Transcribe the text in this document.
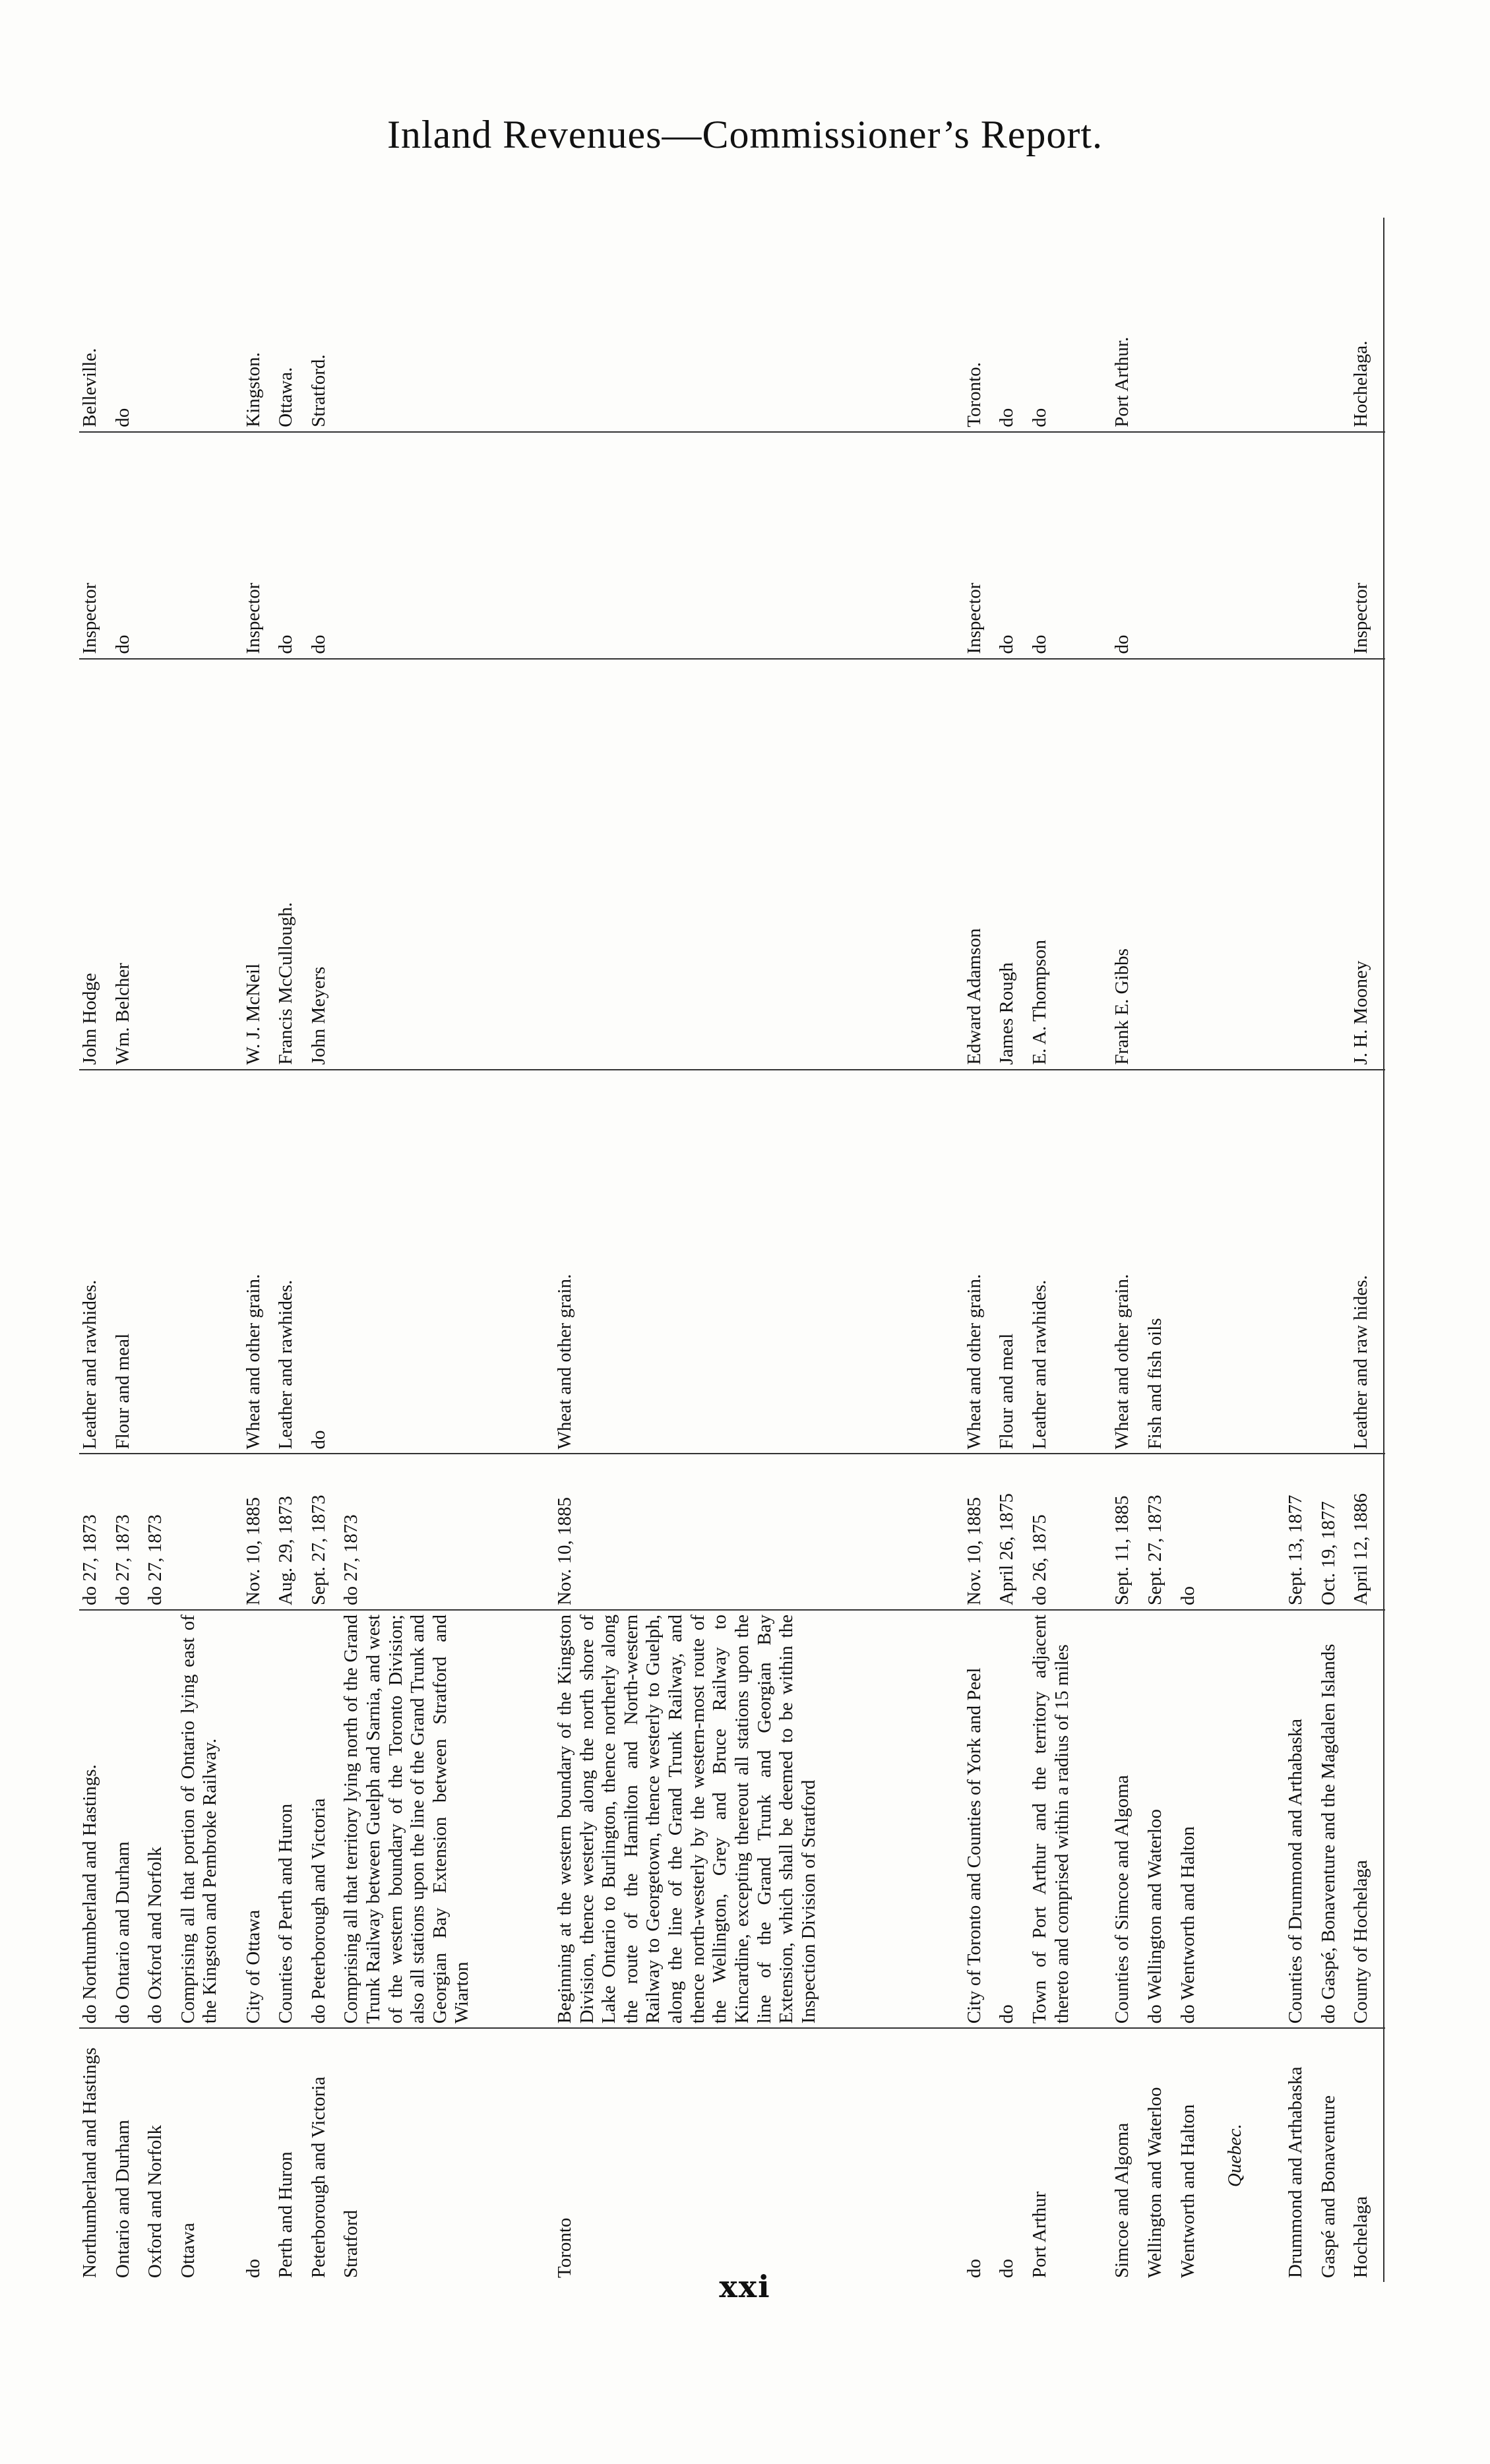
Inland Revenues—Commissioner’s Report.
Northumberland and Hastings	do Northumberland and Hastings.	do 27, 1873	Leather and rawhides.	John Hodge	Inspector	Belleville.
Ontario and Durham	do Ontario and Durham	do 27, 1873	Flour and meal	Wm. Belcher	do	do
Oxford and Norfolk	do Oxford and Norfolk	do 27, 1873				
Ottawa	Comprising all that portion of Ontario lying east of the Kingston and Pembroke Railway.					
do	City of Ottawa	Nov. 10, 1885	Wheat and other grain.	W. J. McNeil	Inspector	Kingston.
Perth and Huron	Counties of Perth and Huron	Aug. 29, 1873	Leather and rawhides.	Francis McCullough.	do	Ottawa.
Peterborough and Victoria	do Peterborough and Victoria	Sept. 27, 1873	do	John Meyers	do	Stratford.
Stratford	Comprising all that territory lying north of the Grand Trunk Railway between Guelph and Sarnia, and west of the western boundary of the Toronto Division; also all stations upon the line of the Grand Trunk and Georgian Bay Extension between Stratford and Wiarton	do 27, 1873				
Toronto	Beginning at the western boundary of the Kingston Division, thence westerly along the north shore of Lake Ontario to Burlington, thence northerly along the route of the Hamilton and North-western Railway to Georgetown, thence westerly to Guelph, along the line of the Grand Trunk Railway, and thence north-westerly by the western-most route of the Wellington, Grey and Bruce Railway to Kincardine, excepting thereout all stations upon the line of the Grand Trunk and Georgian Bay Extension, which shall be deemed to be within the Inspection Division of Stratford	Nov. 10, 1885	Wheat and other grain.			
do	City of Toronto and Counties of York and Peel	Nov. 10, 1885	Wheat and other grain.	Edward Adamson	Inspector	Toronto.
do	do	April 26, 1875	Flour and meal	James Rough	do	do
Port Arthur	Town of Port Arthur and the territory adjacent thereto and comprised within a radius of 15 miles	do 26, 1875	Leather and rawhides.	E. A. Thompson	do	do
Simcoe and Algoma	Counties of Simcoe and Algoma	Sept. 11, 1885	Wheat and other grain.	Frank E. Gibbs	do	Port Arthur.
Wellington and Waterloo	do Wellington and Waterloo	Sept. 27, 1873	Fish and fish oils			
Wentworth and Halton	do Wentworth and Halton	do				
Quebec.						
Drummond and Arthabaska	Counties of Drummond and Arthabaska	Sept. 13, 1877				
Gaspé and Bonaventure	do Gaspé, Bonaventure and the Magdalen Islands	Oct. 19, 1877				
Hochelaga	County of Hochelaga	April 12, 1886	Leather and raw hides.	J. H. Mooney	Inspector	Hochelaga.

xxi
